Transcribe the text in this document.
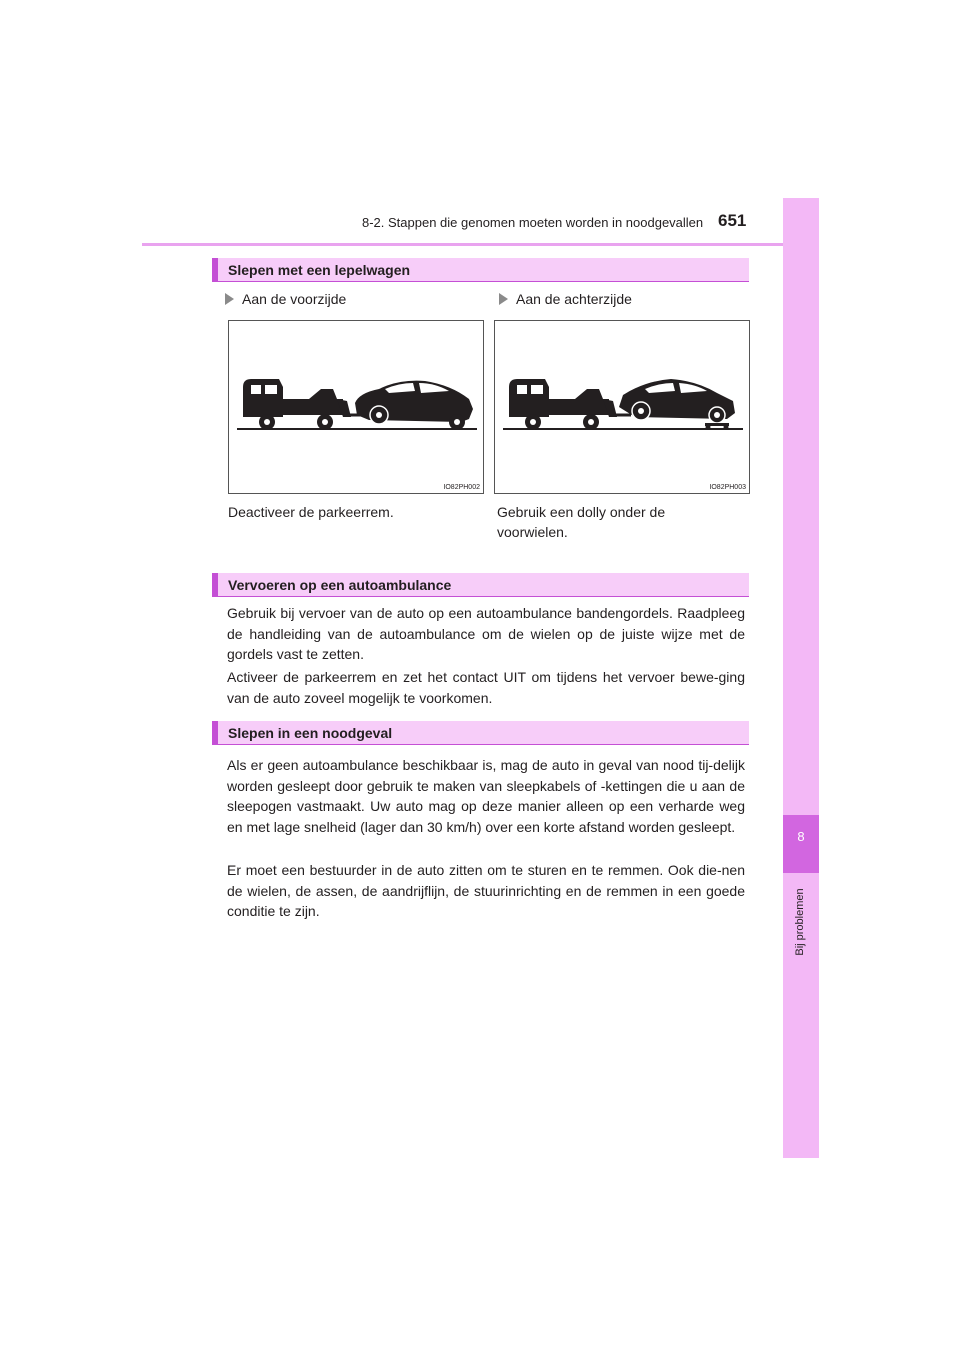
8-2. Stappen die genomen moeten worden in noodgevallen 651
8
Bij problemen
Slepen met een lepelwagen
Aan de voorzijde	Aan de achterzijde
IO82PH002	IO82PH003
Deactiveer de parkeerrem.	Gebruik een dolly onder de
voorwielen.
Vervoeren op een autoambulance

Gebruik bij vervoer van de auto op een autoambulance bandengordels. Raadpleeg de handleiding van de autoambulance om de wielen op de juiste wijze met de gordels vast te zetten.

Activeer de parkeerrem en zet het contact UIT om tijdens het vervoer bewe-ging van de auto zoveel mogelijk te voorkomen.

Slepen in een noodgeval

Als er geen autoambulance beschikbaar is, mag de auto in geval van nood tij-delijk worden gesleept door gebruik te maken van sleepkabels of -kettingen die u aan de sleepogen vastmaakt. Uw auto mag op deze manier alleen op een verharde weg en met lage snelheid (lager dan 30 km/h) over een korte afstand worden gesleept.

Er moet een bestuurder in de auto zitten om te sturen en te remmen. Ook die-nen de wielen, de assen, de aandrijflijn, de stuurinrichting en de remmen in een goede conditie te zijn.
